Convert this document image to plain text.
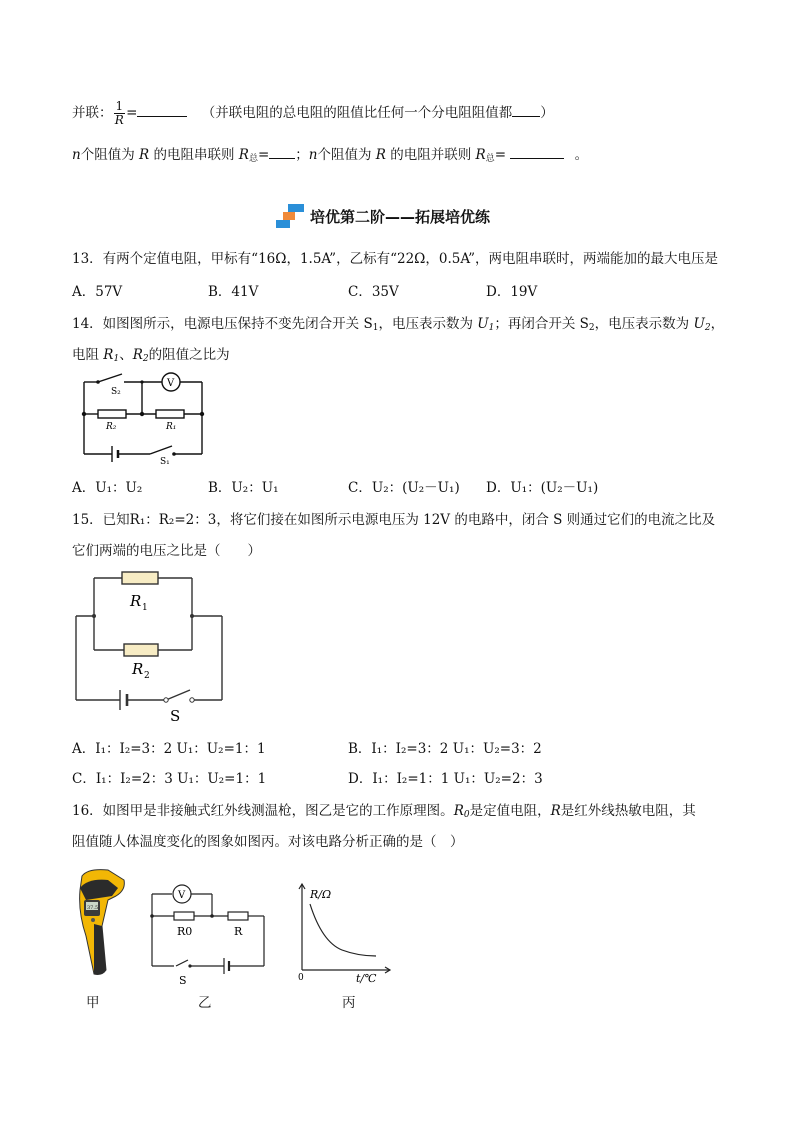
并联： $\frac{1}{R}$ =	（并联电阻的总电阻的阻值比任何一个分电阻阻值都 ）
n个阻值为 R 的电阻串联则 $R_总=$ ；n个阻值为 R 的电阻并联则 $R_总=$	。
培优第二阶——拓展培优练
13．有两个定值电阻，甲标有“16Ω，1.5A”，乙标有“22Ω，0.5A”，两电阻串联时，两端能加的最大电压是
A．57V	B．41V	C．35V	D．19V
14．如图图所示，电源电压保持不变先闭合开关 $S_1$，电压表示数为 $U_1$；再闭合开关 $S_2$，电压表示数为 $U_2$，
电阻 $R_1$、$R_2$的阻值之比为
S₂
V
R₂	R₁
S₁
A．U₁：U₂	B．U₂：U₁	C．U₂：(U₂－U₁) D．U₁：(U₂－U₁)
15．已知R₁：R₂=2：3，将它们接在如图所示电源电压为 12V 的电路中，闭合 S 则通过它们的电流之比及
它们两端的电压之比是（　　）
R 1
R 2
S
A．I₁：I₂=3：2 U₁：U₂=1：1	B．I₁：I₂=3：2 U₁：U₂=3：2
C．I₁：I₂=2：3 U₁：U₂=1：1	D．I₁：I₂=1：1 U₁：U₂=2：3
16．如图甲是非接触式红外线测温枪，图乙是它的工作原理图。$R_0$是定值电阻，R是红外线热敏电阻，其
阻值随人体温度变化的图象如图丙。对该电路分析正确的是（　）
37.5
V
R0	R
S
R/Ω
0	t/℃
甲	乙	丙
